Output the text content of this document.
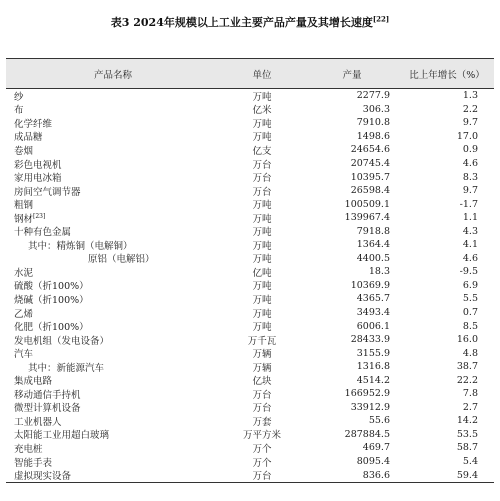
表3 2024年规模以上工业主要产品产量及其增长速度[22]
产品名称	单位	产量	比上年增长（%）
纱	万吨	2277.9	1.3
布	亿米	306.3	2.2
化学纤维	万吨	7910.8	9.7
成品糖	万吨	1498.6	17.0
卷烟	亿支	24654.6	0.9
彩色电视机	万台	20745.4	4.6
家用电冰箱	万台	10395.7	8.3
房间空气调节器	万台	26598.4	9.7
粗钢	万吨	100509.1	-1.7
钢材[23]	万吨	139967.4	1.1
十种有色金属	万吨	7918.8	4.3
其中：精炼铜（电解铜）	万吨	1364.4	4.1
原铝（电解铝）	万吨	4400.5	4.6
水泥	亿吨	18.3	-9.5
硫酸（折100%）	万吨	10369.9	6.9
烧碱（折100%）	万吨	4365.7	5.5
乙烯	万吨	3493.4	0.7
化肥（折100%）	万吨	6006.1	8.5
发电机组（发电设备）	万千瓦	28433.9	16.0
汽车	万辆	3155.9	4.8
其中：新能源汽车	万辆	1316.8	38.7
集成电路	亿块	4514.2	22.2
移动通信手持机	万台	166952.9	7.8
微型计算机设备	万台	33912.9	2.7
工业机器人	万套	55.6	14.2
太阳能工业用超白玻璃	万平方米	287884.5	53.5
充电桩	万个	469.7	58.7
智能手表	万个	8095.4	5.4
虚拟现实设备	万台	836.6	59.4
